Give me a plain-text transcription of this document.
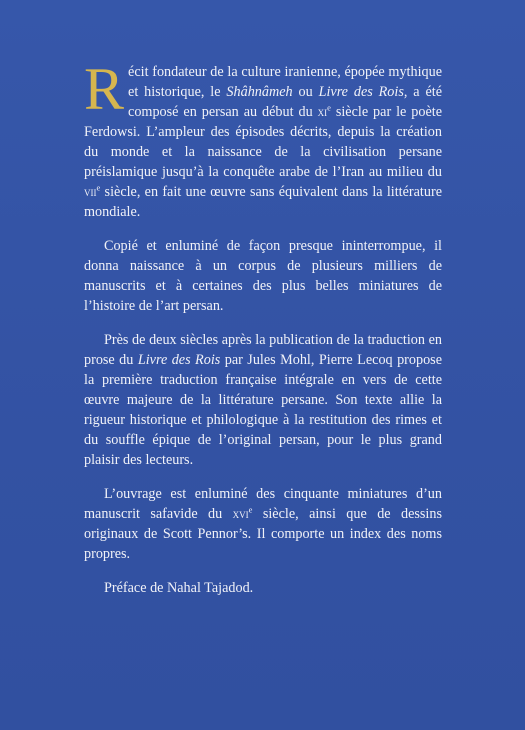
Récit fondateur de la culture iranienne, épopée mythique et historique, le Shâhnâmeh ou Livre des Rois, a été composé en persan au début du $xi^e$ siècle par le poète Ferdowsi. L’ampleur des épisodes décrits, depuis la création du monde et la naissance de la civilisation persane préislamique jusqu’à la conquête arabe de l’Iran au milieu du vii$^e$ siècle, en fait une œuvre sans équivalent dans la littérature mondiale.

Copié et enluminé de façon presque ininterrompue, il donna naissance à un corpus de plusieurs milliers de manuscrits et à certaines des plus belles miniatures de l’histoire de l’art persan.

Près de deux siècles après la publication de la traduction en prose du Livre des Rois par Jules Mohl, Pierre Lecoq propose la première traduction française intégrale en vers de cette œuvre majeure de la littérature persane. Son texte allie la rigueur historique et philologique à la restitution des rimes et du souffle épique de l’original persan, pour le plus grand plaisir des lecteurs.

L’ouvrage est enluminé des cinquante miniatures d’un manuscrit safavide du xvi$^e$ siècle, ainsi que de dessins originaux de Scott Pennor’s. Il comporte un index des noms propres.

Préface de Nahal Tajadod.
